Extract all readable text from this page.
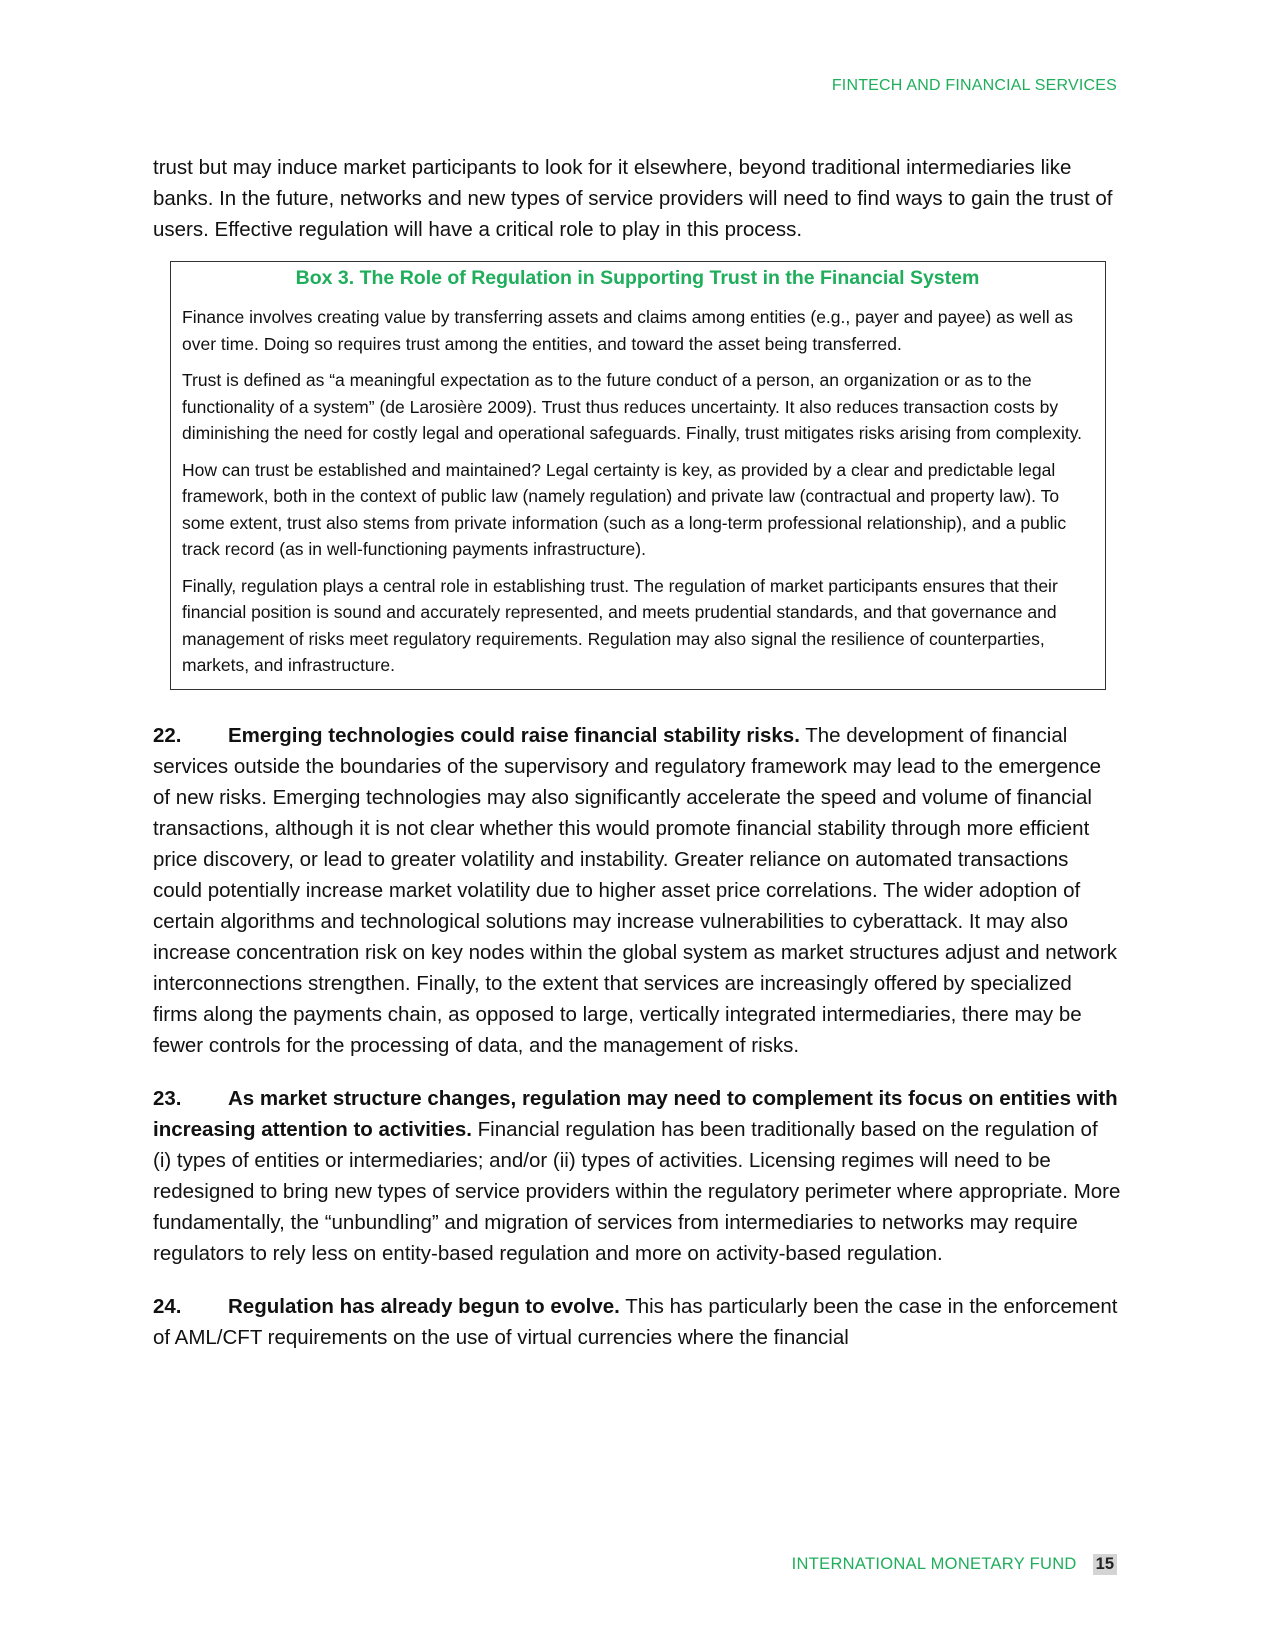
FINTECH AND FINANCIAL SERVICES

trust but may induce market participants to look for it elsewhere, beyond traditional intermediaries like banks. In the future, networks and new types of service providers will need to find ways to gain the trust of users. Effective regulation will have a critical role to play in this process.

Box 3. The Role of Regulation in Supporting Trust in the Financial System

Finance involves creating value by transferring assets and claims among entities (e.g., payer and payee) as well as over time. Doing so requires trust among the entities, and toward the asset being transferred.

Trust is defined as “a meaningful expectation as to the future conduct of a person, an organization or as to the functionality of a system” (de Larosière 2009). Trust thus reduces uncertainty. It also reduces transaction costs by diminishing the need for costly legal and operational safeguards. Finally, trust mitigates risks arising from complexity.

How can trust be established and maintained? Legal certainty is key, as provided by a clear and predictable legal framework, both in the context of public law (namely regulation) and private law (contractual and property law). To some extent, trust also stems from private information (such as a long-term professional relationship), and a public track record (as in well-functioning payments infrastructure).

Finally, regulation plays a central role in establishing trust. The regulation of market participants ensures that their financial position is sound and accurately represented, and meets prudential standards, and that governance and management of risks meet regulatory requirements. Regulation may also signal the resilience of counterparties, markets, and infrastructure.

22. Emerging technologies could raise financial stability risks. The development of financial services outside the boundaries of the supervisory and regulatory framework may lead to the emergence of new risks. Emerging technologies may also significantly accelerate the speed and volume of financial transactions, although it is not clear whether this would promote financial stability through more efficient price discovery, or lead to greater volatility and instability. Greater reliance on automated transactions could potentially increase market volatility due to higher asset price correlations. The wider adoption of certain algorithms and technological solutions may increase vulnerabilities to cyberattack. It may also increase concentration risk on key nodes within the global system as market structures adjust and network interconnections strengthen. Finally, to the extent that services are increasingly offered by specialized firms along the payments chain, as opposed to large, vertically integrated intermediaries, there may be fewer controls for the processing of data, and the management of risks.

23. As market structure changes, regulation may need to complement its focus on entities with increasing attention to activities. Financial regulation has been traditionally based on the regulation of (i) types of entities or intermediaries; and/or (ii) types of activities. Licensing regimes will need to be redesigned to bring new types of service providers within the regulatory perimeter where appropriate. More fundamentally, the “unbundling” and migration of services from intermediaries to networks may require regulators to rely less on entity-based regulation and more on activity-based regulation.

24. Regulation has already begun to evolve. This has particularly been the case in the enforcement of AML/CFT requirements on the use of virtual currencies where the financial

INTERNATIONAL MONETARY FUND 15
